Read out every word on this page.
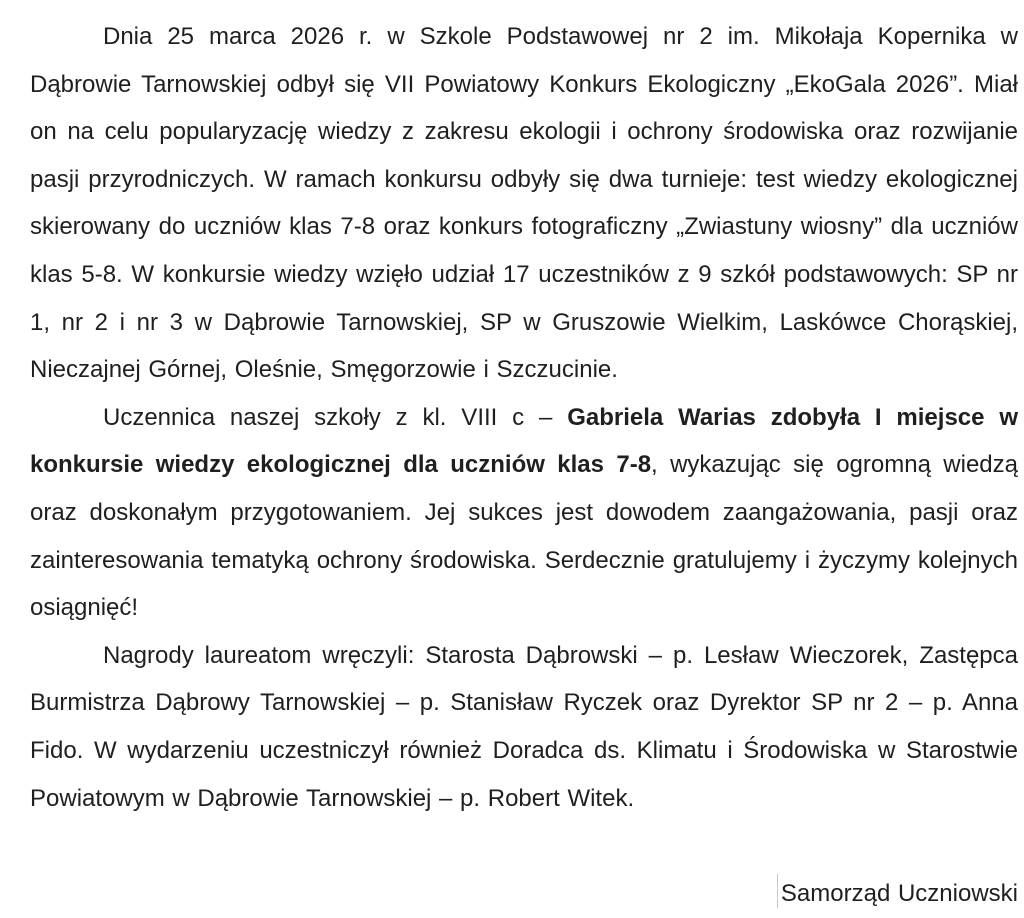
Dnia 25 marca 2026 r. w Szkole Podstawowej nr 2 im. Mikołaja Kopernika w Dąbrowie Tarnowskiej odbył się VII Powiatowy Konkurs Ekologiczny „EkoGala 2026”. Miał on na celu popularyzację wiedzy z zakresu ekologii i ochrony środowiska oraz rozwijanie pasji przyrodniczych. W ramach konkursu odbyły się dwa turnieje: test wiedzy ekologicznej skierowany do uczniów klas 7-8 oraz konkurs fotograficzny „Zwiastuny wiosny” dla uczniów klas 5-8. W konkursie wiedzy wzięło udział 17 uczestników z 9 szkół podstawowych: SP nr 1, nr 2 i nr 3 w Dąbrowie Tarnowskiej, SP w Gruszowie Wielkim, Laskówce Chorąskiej, Nieczajnej Górnej, Oleśnie, Smęgorzowie i Szczucinie.

Uczennica naszej szkoły z kl. VIII c – Gabriela Warias zdobyła I miejsce w konkursie wiedzy ekologicznej dla uczniów klas 7-8, wykazując się ogromną wiedzą oraz doskonałym przygotowaniem. Jej sukces jest dowodem zaangażowania, pasji oraz zainteresowania tematyką ochrony środowiska. Serdecznie gratulujemy i życzymy kolejnych osiągnięć!

Nagrody laureatom wręczyli: Starosta Dąbrowski – p. Lesław Wieczorek, Zastępca Burmistrza Dąbrowy Tarnowskiej – p. Stanisław Ryczek oraz Dyrektor SP nr 2 – p. Anna Fido. W wydarzeniu uczestniczył również Doradca ds. Klimatu i Środowiska w Starostwie Powiatowym w Dąbrowie Tarnowskiej – p. Robert Witek.

Samorząd Uczniowski
